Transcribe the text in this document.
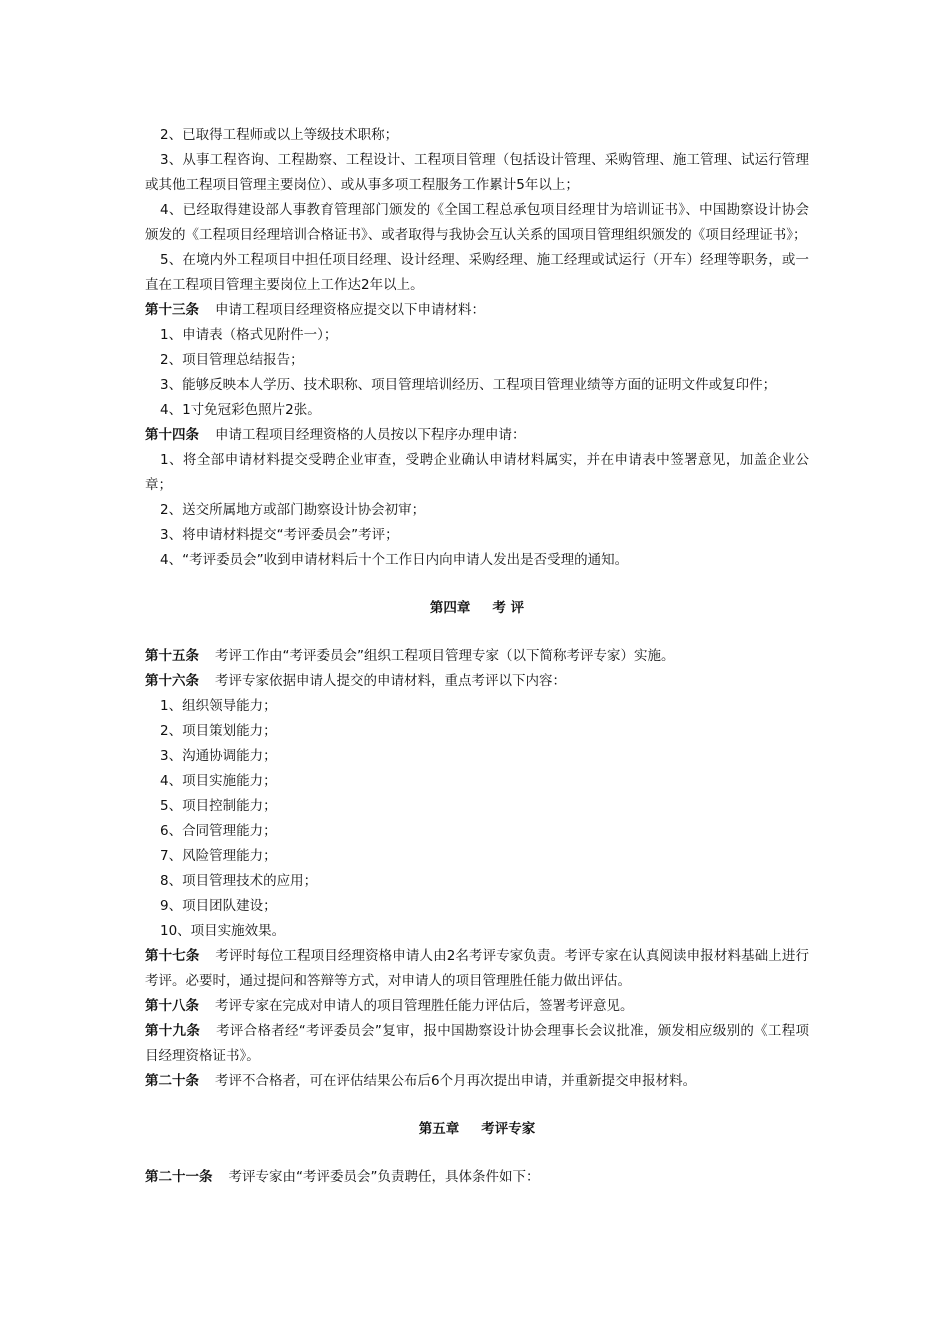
2、已取得工程师或以上等级技术职称；

3、从事工程咨询、工程勘察、工程设计、工程项目管理（包括设计管理、采购管理、施工管理、试运行管理或其他工程项目管理主要岗位）、或从事多项工程服务工作累计5年以上；

4、已经取得建设部人事教育管理部门颁发的《全国工程总承包项目经理甘为培训证书》、中国勘察设计协会颁发的《工程项目经理培训合格证书》、或者取得与我协会互认关系的国项目管理组织颁发的《项目经理证书》；

5、在境内外工程项目中担任项目经理、设计经理、采购经理、施工经理或试运行（开车）经理等职务，或一直在工程项目管理主要岗位上工作达2年以上。

第十三条 申请工程项目经理资格应提交以下申请材料：

1、申请表（格式见附件一）；

2、项目管理总结报告；

3、能够反映本人学历、技术职称、项目管理培训经历、工程项目管理业绩等方面的证明文件或复印件；

4、1寸免冠彩色照片2张。

第十四条 申请工程项目经理资格的人员按以下程序办理申请：

1、将全部申请材料提交受聘企业审查，受聘企业确认申请材料属实，并在申请表中签署意见，加盖企业公章；

2、送交所属地方或部门勘察设计协会初审；

3、将申请材料提交“考评委员会”考评；

4、“考评委员会”收到申请材料后十个工作日内向申请人发出是否受理的通知。

第四章 考 评

第十五条 考评工作由“考评委员会”组织工程项目管理专家（以下简称考评专家）实施。

第十六条 考评专家依据申请人提交的申请材料，重点考评以下内容：

1、组织领导能力；

2、项目策划能力；

3、沟通协调能力；

4、项目实施能力；

5、项目控制能力；

6、合同管理能力；

7、风险管理能力；

8、项目管理技术的应用；

9、项目团队建设；

10、项目实施效果。

第十七条 考评时每位工程项目经理资格申请人由2名考评专家负责。考评专家在认真阅读申报材料基础上进行考评。必要时，通过提问和答辩等方式，对申请人的项目管理胜任能力做出评估。

第十八条 考评专家在完成对申请人的项目管理胜任能力评估后，签署考评意见。

第十九条 考评合格者经“考评委员会”复审，报中国勘察设计协会理事长会议批准，颁发相应级别的《工程项目经理资格证书》。

第二十条 考评不合格者，可在评估结果公布后6个月再次提出申请，并重新提交申报材料。

第五章 考评专家

第二十一条 考评专家由“考评委员会”负责聘任，具体条件如下：
